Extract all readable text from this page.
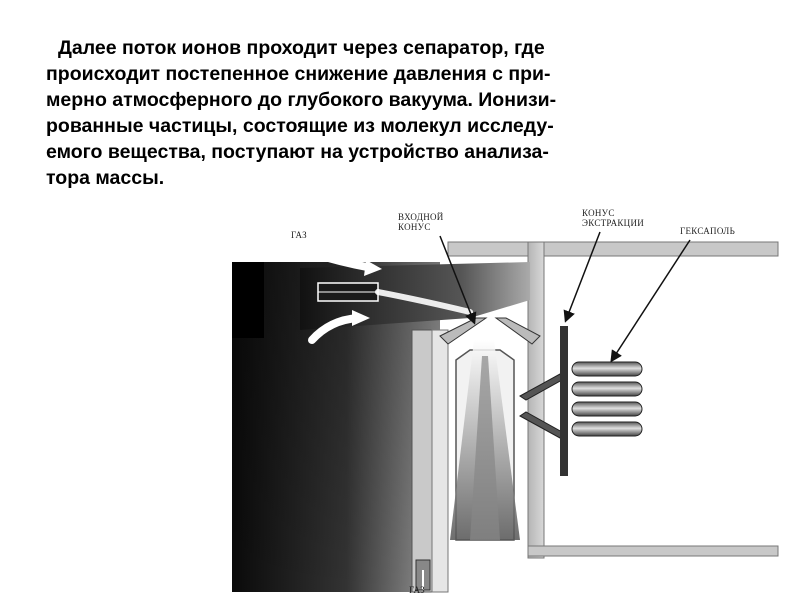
Далее поток ионов проходит через сепаратор, где
происходит постепенное снижение давления с при-
мерно атмосферного до глубокого вакуума. Ионизи-
рованные частицы, состоящие из молекул исследу-
емого вещества, поступают на устройство анализа-
тора массы.
ГАЗ
ВХОДНОЙ
КОНУС
КОНУС
ЭКСТРАКЦИИ
ГЕКСАПОЛЬ
ГАЗ
